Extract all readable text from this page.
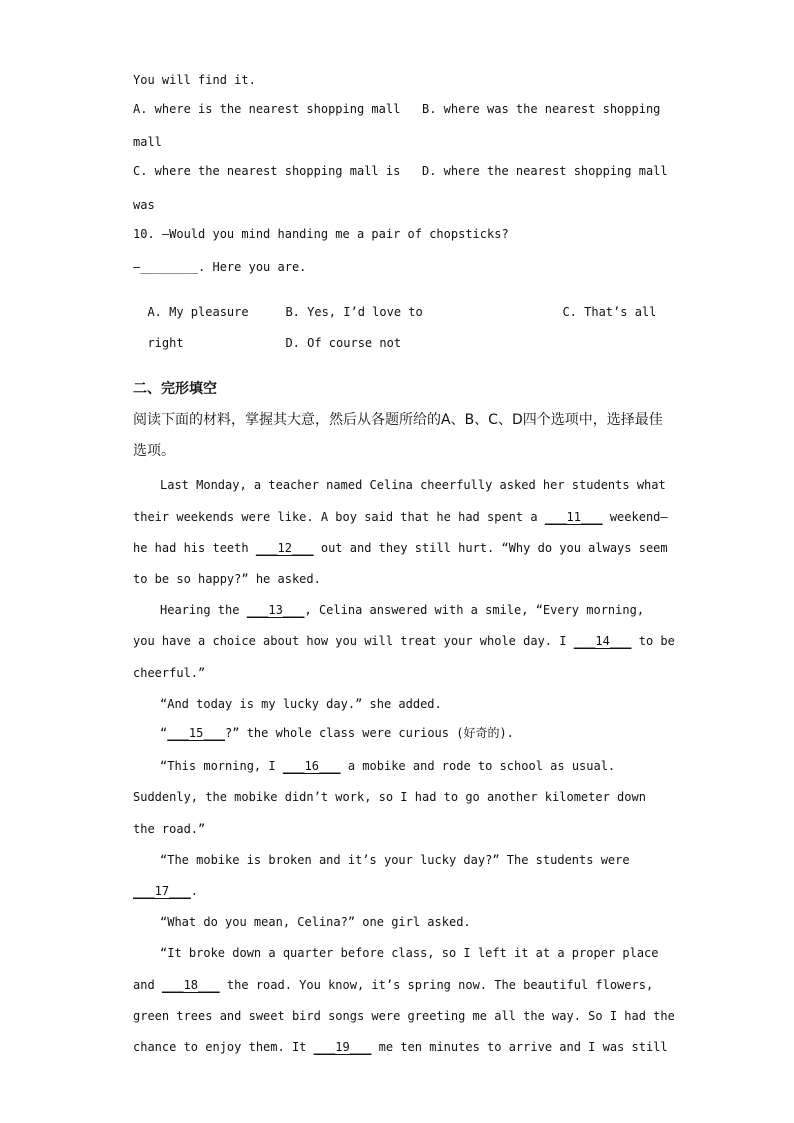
You will find it.
A. where is the nearest shopping mall   B. where was the nearest shopping
mall
C. where the nearest shopping mall is   D. where the nearest shopping mall
was
10. —Would you mind handing me a pair of chopsticks?
—________. Here you are.

A. My pleasure	B. Yes, I’d love to	C. That’s all

right	D. Of course not

二、完形填空
阅读下面的材料，掌握其大意，然后从各题所给的A、B、C、D四个选项中，选择最佳
选项。
Last Monday, a teacher named Celina cheerfully asked her students what
their weekends were like. A boy said that he had spent a ___11___ weekend—
he had his teeth ___12___ out and they still hurt. “Why do you always seem
to be so happy?” he asked.
Hearing the ___13___, Celina answered with a smile, “Every morning,
you have a choice about how you will treat your whole day. I ___14___ to be
cheerful.”
“And today is my lucky day.” she added.
“___15___?” the whole class were curious (好奇的).
“This morning, I ___16___ a mobike and rode to school as usual.
Suddenly, the mobike didn’t work, so I had to go another kilometer down
the road.”
“The mobike is broken and it’s your lucky day?” The students were
___17___.
“What do you mean, Celina?” one girl asked.
“It broke down a quarter before class, so I left it at a proper place
and ___18___ the road. You know, it’s spring now. The beautiful flowers,
green trees and sweet bird songs were greeting me all the way. So I had the
chance to enjoy them. It ___19___ me ten minutes to arrive and I was still
